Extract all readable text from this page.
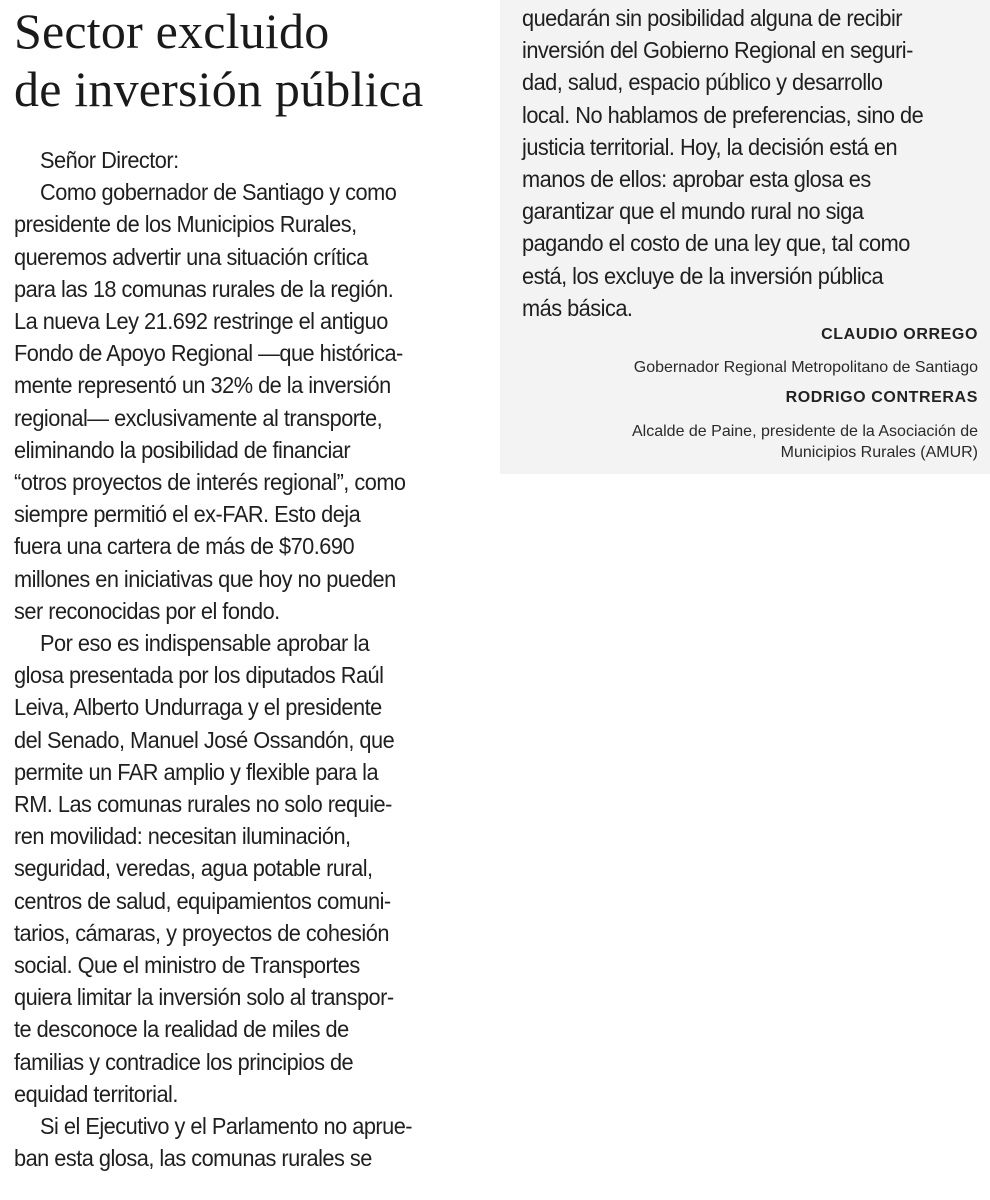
Sector excluido
de inversión pública
Señor Director:
Como gobernador de Santiago y como
presidente de los Municipios Rurales,
queremos advertir una situación crítica
para las 18 comunas rurales de la región.
La nueva Ley 21.692 restringe el antiguo
Fondo de Apoyo Regional —que histórica-
mente representó un 32% de la inversión
regional— exclusivamente al transporte,
eliminando la posibilidad de financiar
“otros proyectos de interés regional”, como
siempre permitió el ex-FAR. Esto deja
fuera una cartera de más de $70.690
millones en iniciativas que hoy no pueden
ser reconocidas por el fondo.
Por eso es indispensable aprobar la
glosa presentada por los diputados Raúl
Leiva, Alberto Undurraga y el presidente
del Senado, Manuel José Ossandón, que
permite un FAR amplio y flexible para la
RM. Las comunas rurales no solo requie-
ren movilidad: necesitan iluminación,
seguridad, veredas, agua potable rural,
centros de salud, equipamientos comuni-
tarios, cámaras, y proyectos de cohesión
social. Que el ministro de Transportes
quiera limitar la inversión solo al transpor-
te desconoce la realidad de miles de
familias y contradice los principios de
equidad territorial.
Si el Ejecutivo y el Parlamento no aprue-
ban esta glosa, las comunas rurales se
quedarán sin posibilidad alguna de recibir
inversión del Gobierno Regional en seguri-
dad, salud, espacio público y desarrollo
local. No hablamos de preferencias, sino de
justicia territorial. Hoy, la decisión está en
manos de ellos: aprobar esta glosa es
garantizar que el mundo rural no siga
pagando el costo de una ley que, tal como
está, los excluye de la inversión pública
más básica.
CLAUDIO ORREGO
Gobernador Regional Metropolitano de Santiago
RODRIGO CONTRERAS
Alcalde de Paine, presidente de la Asociación de
Municipios Rurales (AMUR)
